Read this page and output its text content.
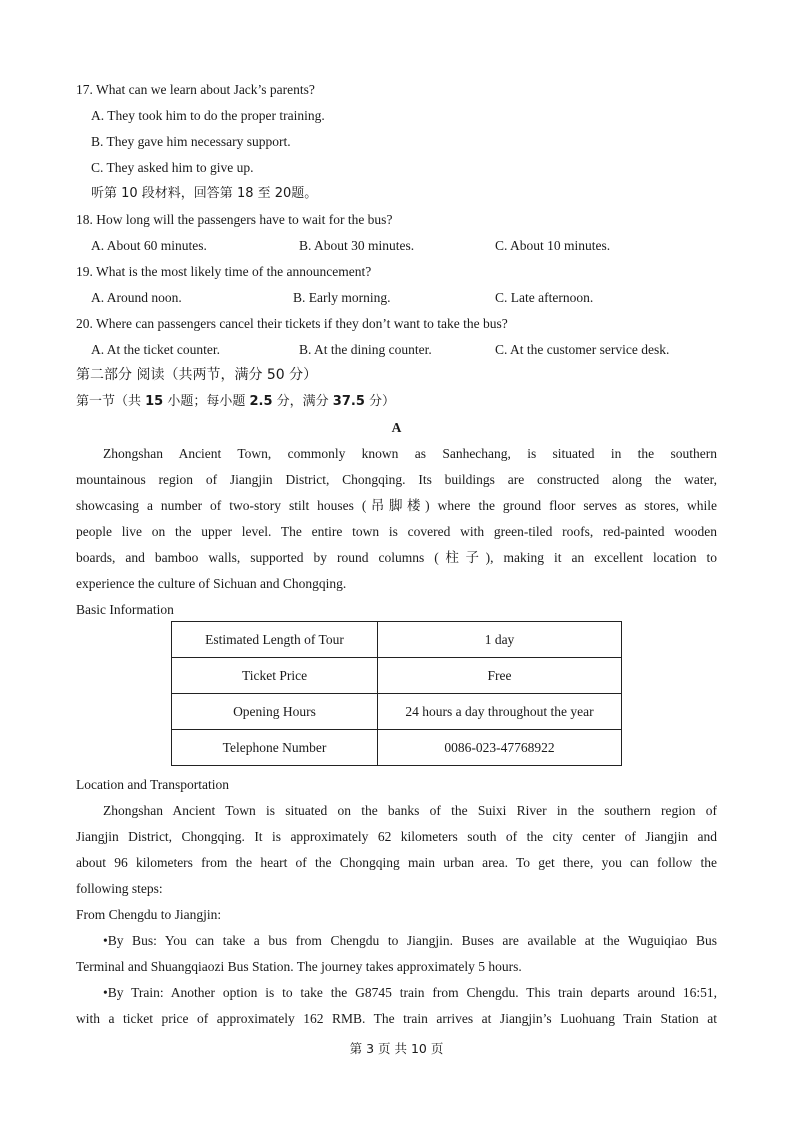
17. What can we learn about Jack’s parents?
A. They took him to do the proper training.
B. They gave him necessary support.
C. They asked him to give up.
听第 10 段材料，回答第 18 至 20题。
18. How long will the passengers have to wait for the bus?
A. About 60 minutes.	B. About 30 minutes.	C. About 10 minutes.
19. What is the most likely time of the announcement?
A. Around noon.	B. Early morning.	C. Late afternoon.
20. Where can passengers cancel their tickets if they don’t want to take the bus?
A. At the ticket counter.	B. At the dining counter.	C. At the customer service desk.
第二部分 阅读（共两节，满分 50 分）
第一节（共 15 小题；每小题 2.5 分，满分 37.5 分）
A
Zhongshan Ancient Town, commonly known as Sanhechang, is situated in the southern
mountainous region of Jiangjin District, Chongqing. Its buildings are constructed along the water,
showcasing a number of two-story stilt houses (吊脚楼) where the ground floor serves as stores, while
people live on the upper level. The entire town is covered with green-tiled roofs, red-painted wooden
boards, and bamboo walls, supported by round columns (柱子), making it an excellent location to
experience the culture of Sichuan and Chongqing.
Basic Information
Estimated Length of Tour	1 day
Ticket Price	Free
Opening Hours	24 hours a day throughout the year
Telephone Number	0086-023-47768922
Location and Transportation
Zhongshan Ancient Town is situated on the banks of the Suixi River in the southern region of
Jiangjin District, Chongqing. It is approximately 62 kilometers south of the city center of Jiangjin and
about 96 kilometers from the heart of the Chongqing main urban area. To get there, you can follow the
following steps:
From Chengdu to Jiangjin:
•By Bus: You can take a bus from Chengdu to Jiangjin. Buses are available at the Wuguiqiao Bus
Terminal and Shuangqiaozi Bus Station. The journey takes approximately 5 hours.
•By Train: Another option is to take the G8745 train from Chengdu. This train departs around 16:51,
with a ticket price of approximately 162 RMB. The train arrives at Jiangjin’s Luohuang Train Station at
第 3 页 共 10 页
